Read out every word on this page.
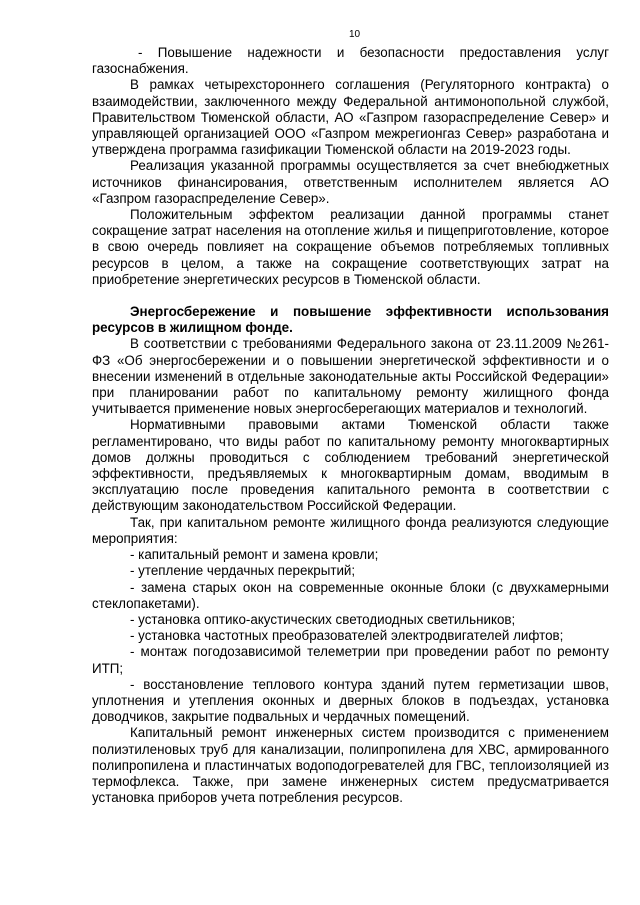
10

- Повышение надежности и безопасности предоставления услуг газоснабжения.

В рамках четырехстороннего соглашения (Регуляторного контракта) о взаимодействии, заключенного между Федеральной антимонопольной службой, Правительством Тюменской области, АО «Газпром газораспределение Север» и управляющей организацией ООО «Газпром межрегионгаз Север» разработана и утверждена программа газификации Тюменской области на 2019-2023 годы.

Реализация указанной программы осуществляется за счет внебюджетных источников финансирования, ответственным исполнителем является АО «Газпром газораспределение Север».

Положительным эффектом реализации данной программы станет сокращение затрат населения на отопление жилья и пищеприготовление, которое в свою очередь повлияет на сокращение объемов потребляемых топливных ресурсов в целом, а также на сокращение соответствующих затрат на приобретение энергетических ресурсов в Тюменской области.

Энергосбережение и повышение эффективности использования ресурсов в жилищном фонде.

В соответствии с требованиями Федерального закона от 23.11.2009 №261-ФЗ «Об энергосбережении и о повышении энергетической эффективности и о внесении изменений в отдельные законодательные акты Российской Федерации» при планировании работ по капитальному ремонту жилищного фонда учитывается применение новых энергосберегающих материалов и технологий.

Нормативными правовыми актами Тюменской области также регламентировано, что виды работ по капитальному ремонту многоквартирных домов должны проводиться с соблюдением требований энергетической эффективности, предъявляемых к многоквартирным домам, вводимым в эксплуатацию после проведения капитального ремонта в соответствии с действующим законодательством Российской Федерации.

Так, при капитальном ремонте жилищного фонда реализуются следующие мероприятия:

- капитальный ремонт и замена кровли;

- утепление чердачных перекрытий;

- замена старых окон на современные оконные блоки (с двухкамерными стеклопакетами).

- установка оптико-акустических светодиодных светильников;

- установка частотных преобразователей электродвигателей лифтов;

- монтаж погодозависимой телеметрии при проведении работ по ремонту ИТП;

- восстановление теплового контура зданий путем герметизации швов, уплотнения и утепления оконных и дверных блоков в подъездах, установка доводчиков, закрытие подвальных и чердачных помещений.

Капитальный ремонт инженерных систем производится с применением полиэтиленовых труб для канализации, полипропилена для ХВС, армированного полипропилена и пластинчатых водоподогревателей для ГВС, теплоизоляцией из термофлекса. Также, при замене инженерных систем предусматривается установка приборов учета потребления ресурсов.
